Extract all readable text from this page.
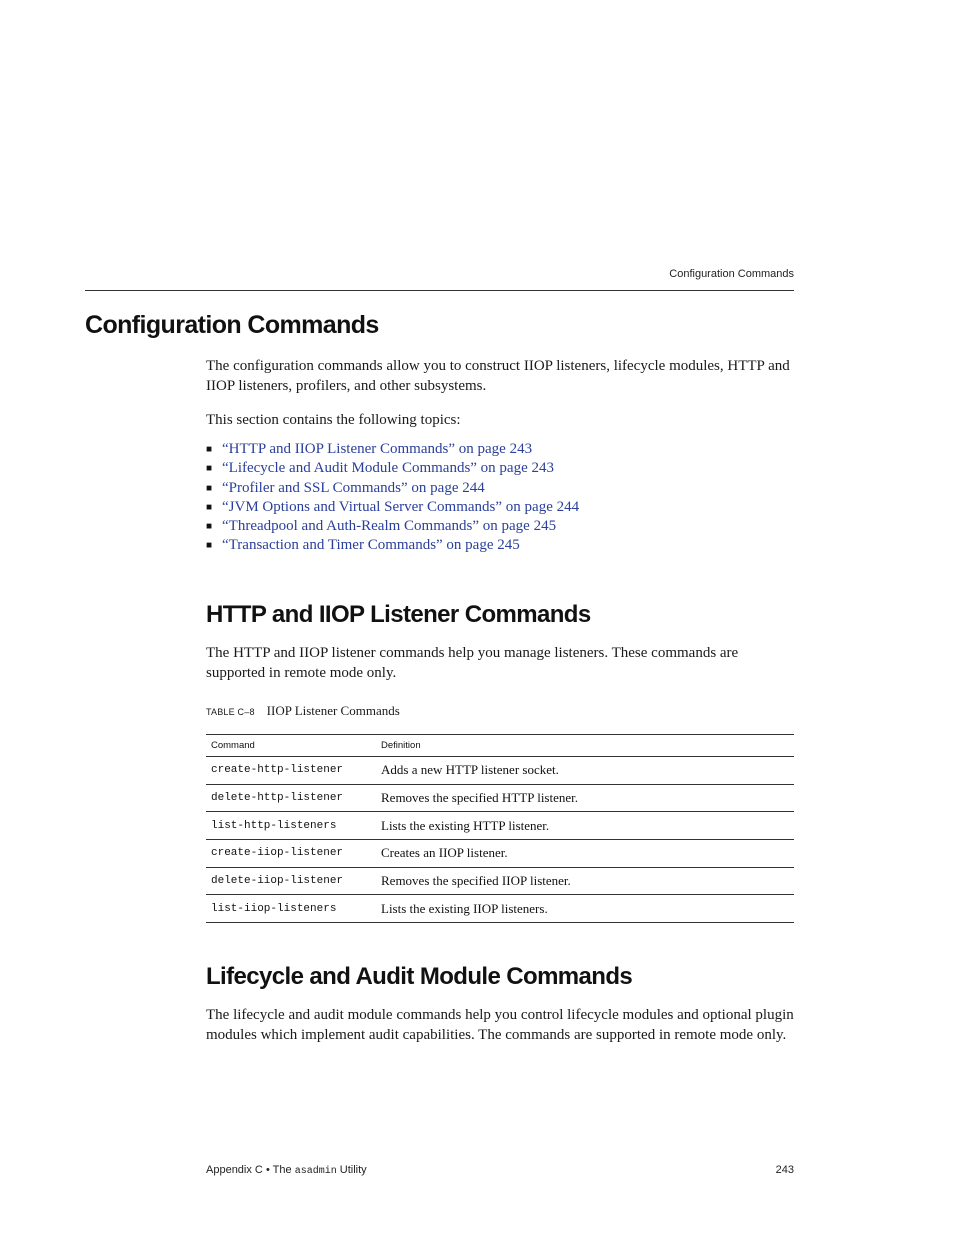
Configuration Commands
Configuration Commands

The configuration commands allow you to construct IIOP listeners, lifecycle modules, HTTP and IIOP listeners, profilers, and other subsystems.

This section contains the following topics:

■ “HTTP and IIOP Listener Commands” on page 243
■ “Lifecycle and Audit Module Commands” on page 243
■ “Profiler and SSL Commands” on page 244
■ “JVM Options and Virtual Server Commands” on page 244
■ “Threadpool and Auth-Realm Commands” on page 245
■ “Transaction and Timer Commands” on page 245
HTTP and IIOP Listener Commands

The HTTP and IIOP listener commands help you manage listeners. These commands are supported in remote mode only.

TABLE C–8 IIOP Listener Commands
Command	Definition
create-http-listener	Adds a new HTTP listener socket.
delete-http-listener	Removes the specified HTTP listener.
list-http-listeners	Lists the existing HTTP listener.
create-iiop-listener	Creates an IIOP listener.
delete-iiop-listener	Removes the specified IIOP listener.
list-iiop-listeners	Lists the existing IIOP listeners.
Lifecycle and Audit Module Commands

The lifecycle and audit module commands help you control lifecycle modules and optional plugin modules which implement audit capabilities. The commands are supported in remote mode only.

Appendix C • The asadmin Utility	243
